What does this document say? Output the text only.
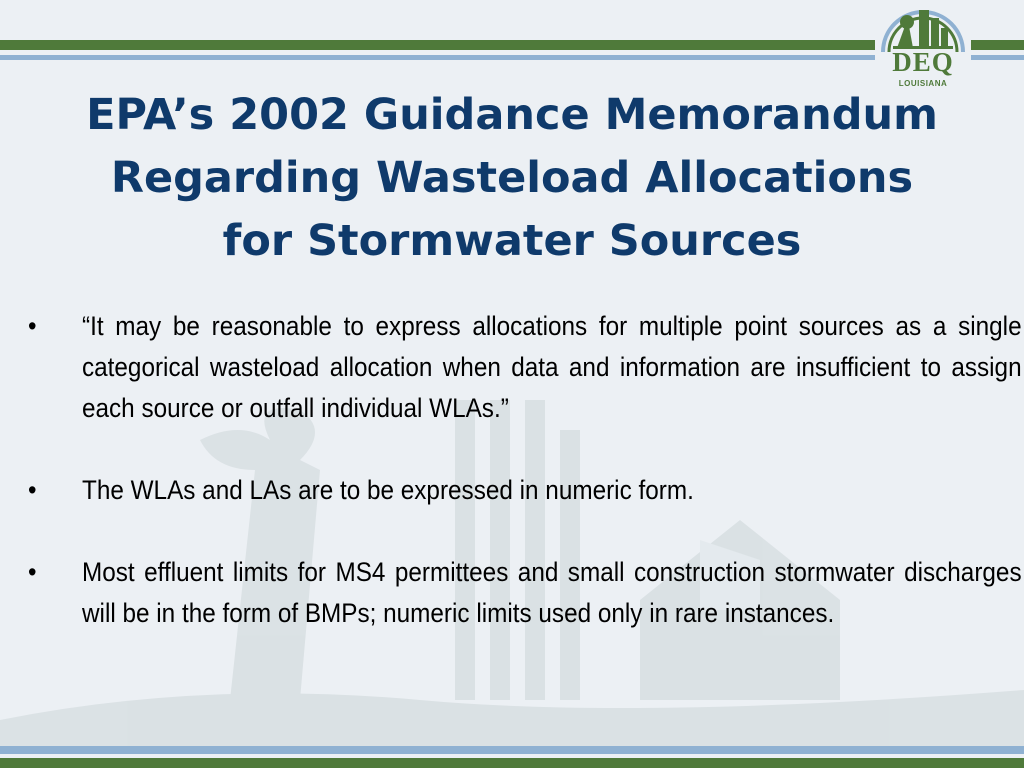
DEQ
LOUISIANA
EPA’s 2002 Guidance Memorandum
Regarding Wasteload Allocations
for Stormwater Sources
• “It may be reasonable to express allocations for multiple point sources as a single categorical wasteload allocation when data and information are insufficient to assign each source or outfall individual WLAs.”
• The WLAs and LAs are to be expressed in numeric form.
• Most effluent limits for MS4 permittees and small construction stormwater discharges will be in the form of BMPs; numeric limits used only in rare instances.
